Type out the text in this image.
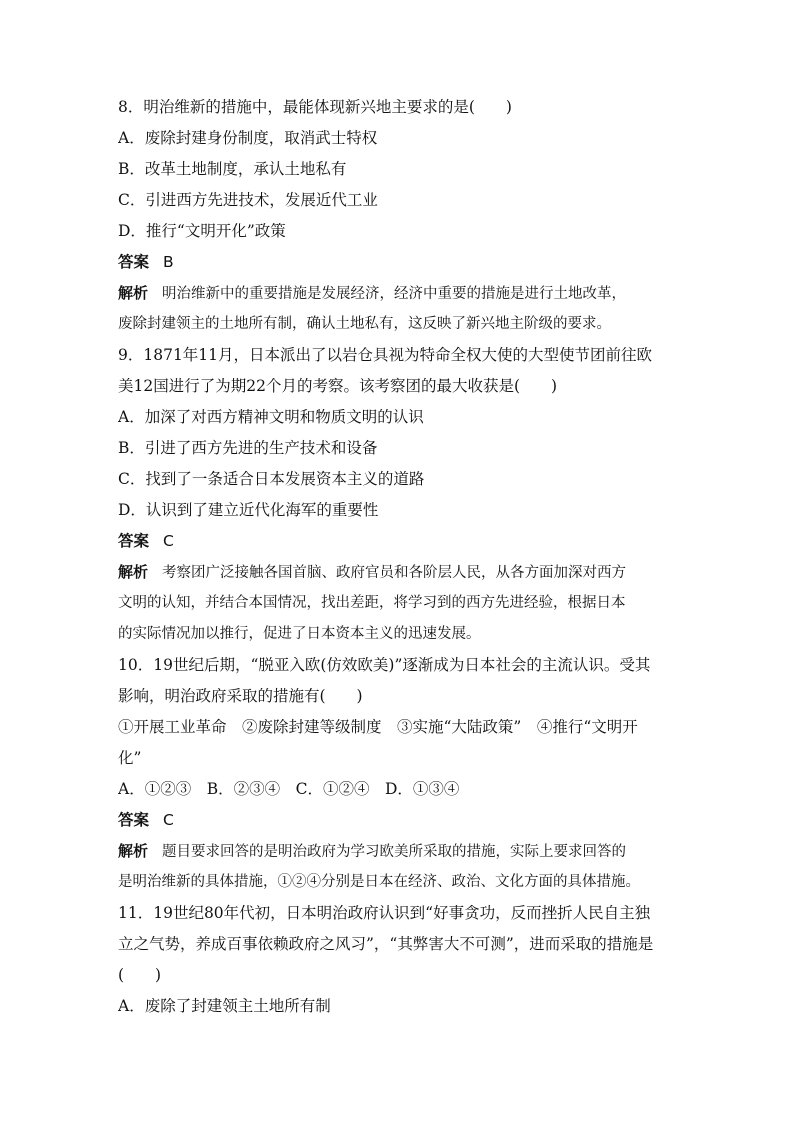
8．明治维新的措施中，最能体现新兴地主要求的是(　　)
A．废除封建身份制度，取消武士特权
B．改革土地制度，承认土地私有
C．引进西方先进技术，发展近代工业
D．推行“文明开化”政策
答案 B
解析 明治维新中的重要措施是发展经济，经济中重要的措施是进行土地改革，
废除封建领主的土地所有制，确认土地私有，这反映了新兴地主阶级的要求。
9．1871年11月，日本派出了以岩仓具视为特命全权大使的大型使节团前往欧
美12国进行了为期22个月的考察。该考察团的最大收获是(　　)
A．加深了对西方精神文明和物质文明的认识
B．引进了西方先进的生产技术和设备
C．找到了一条适合日本发展资本主义的道路
D．认识到了建立近代化海军的重要性
答案 C
解析 考察团广泛接触各国首脑、政府官员和各阶层人民，从各方面加深对西方
文明的认知，并结合本国情况，找出差距，将学习到的西方先进经验，根据日本
的实际情况加以推行，促进了日本资本主义的迅速发展。
10．19世纪后期，“脱亚入欧(仿效欧美)”逐渐成为日本社会的主流认识。受其
影响，明治政府采取的措施有(　　)
①开展工业革命　②废除封建等级制度　③实施“大陆政策”　④推行“文明开
化”
A．①②③　B．②③④　C．①②④　D．①③④
答案 C
解析 题目要求回答的是明治政府为学习欧美所采取的措施，实际上要求回答的
是明治维新的具体措施，①②④分别是日本在经济、政治、文化方面的具体措施。
11．19世纪80年代初，日本明治政府认识到“好事贪功，反而挫折人民自主独
立之气势，养成百事依赖政府之风习”，“其弊害大不可测”，进而采取的措施是
(　　)
A．废除了封建领主土地所有制
